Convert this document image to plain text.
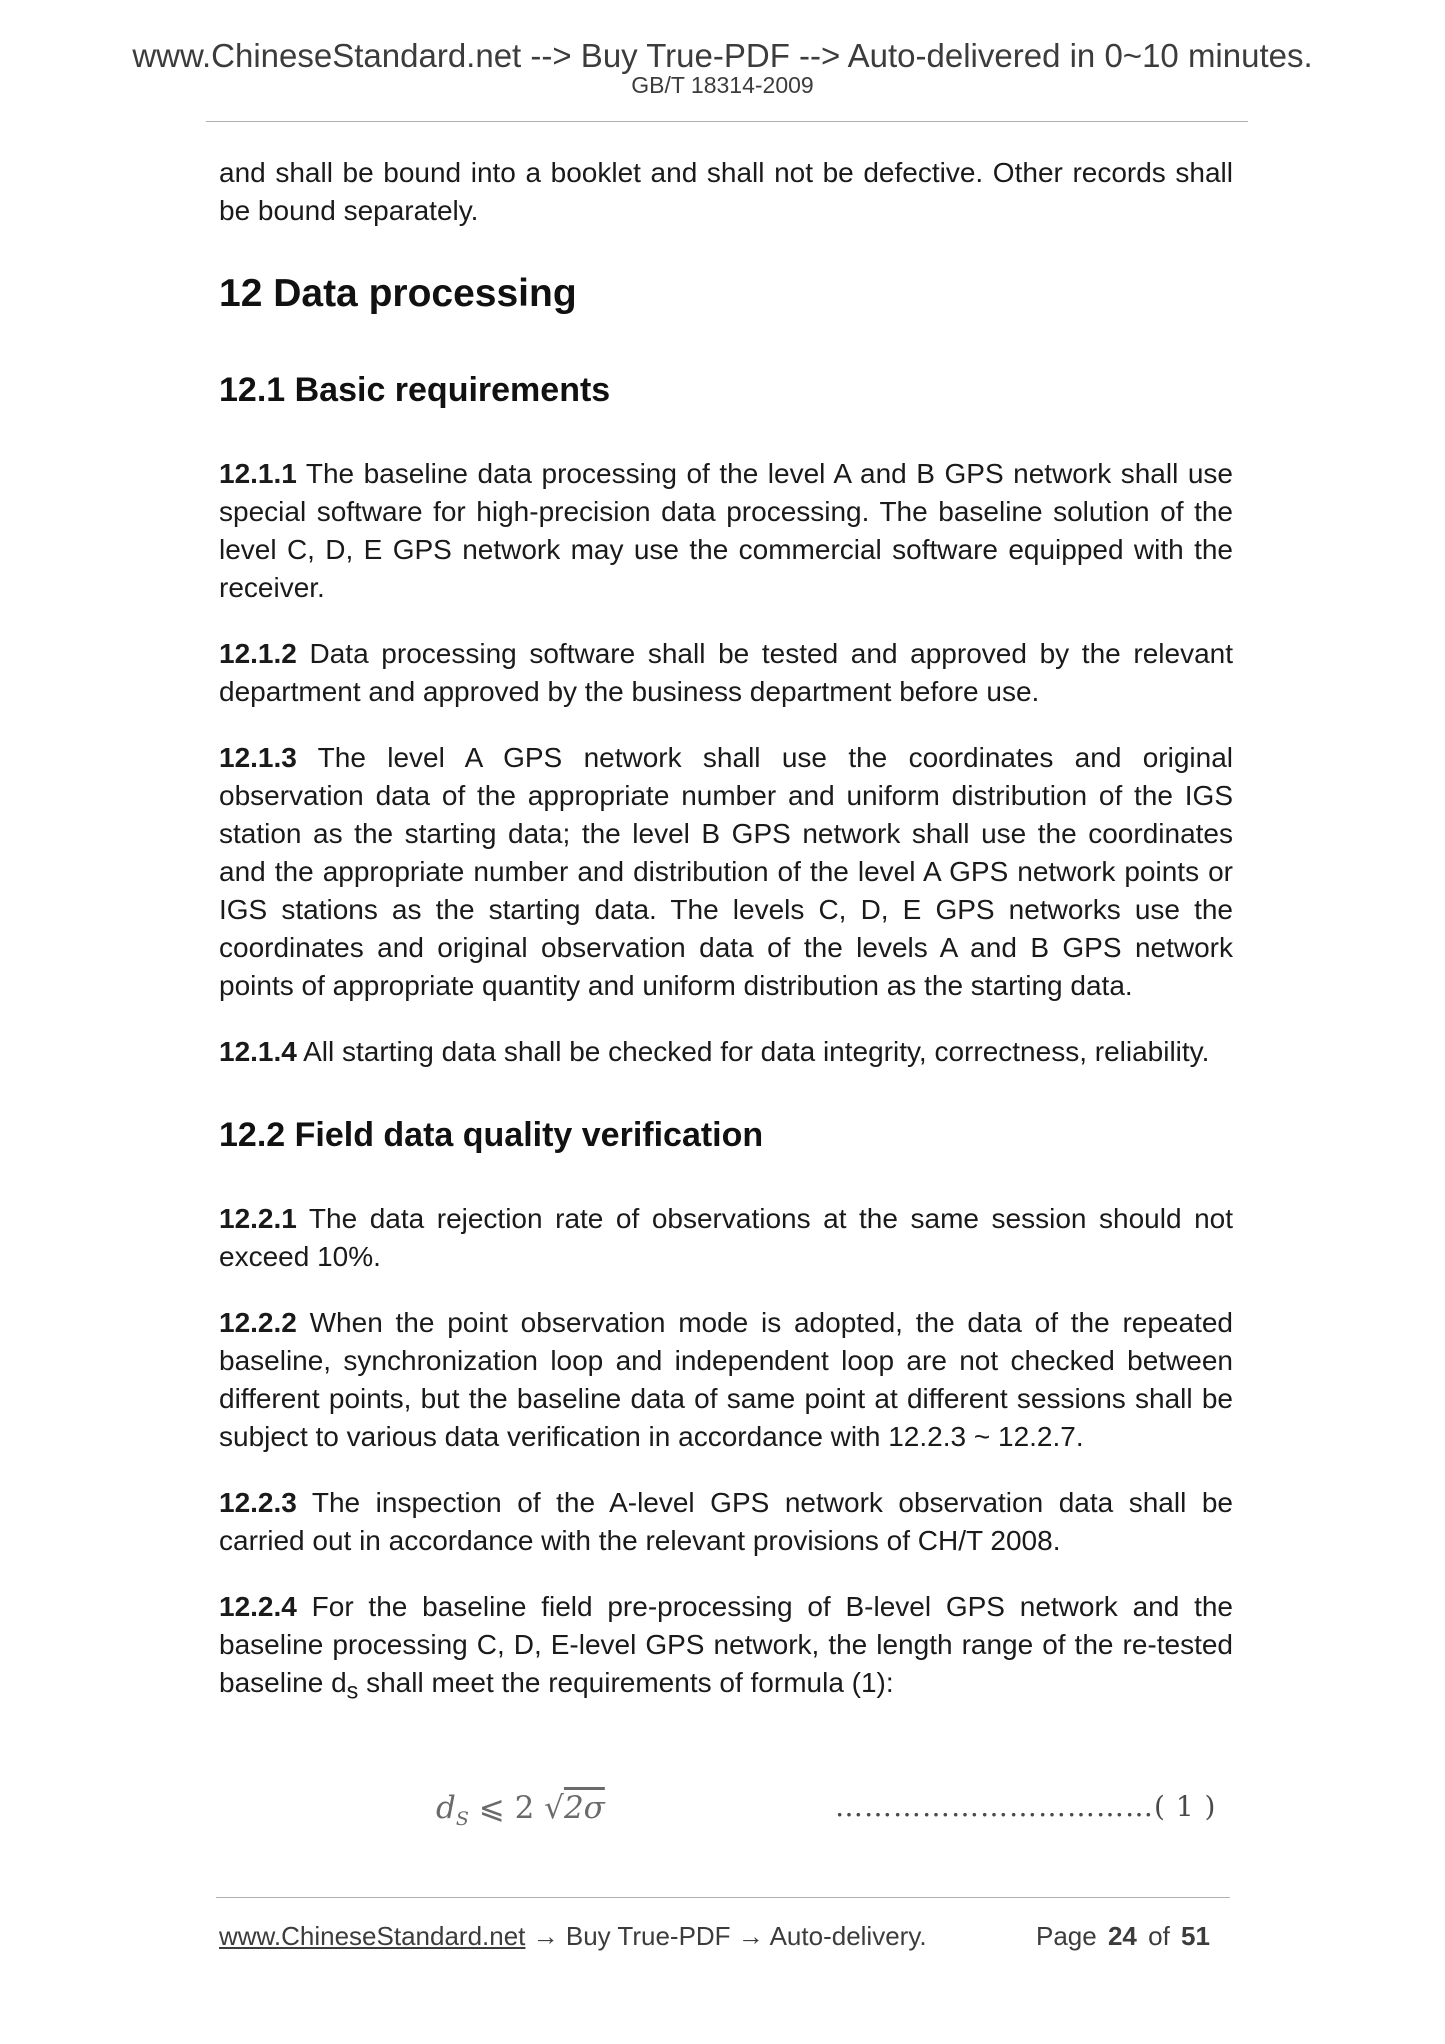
www.ChineseStandard.net --> Buy True-PDF --> Auto-delivered in 0~10 minutes.
GB/T 18314-2009

and shall be bound into a booklet and shall not be defective. Other records shall be bound separately.

12 Data processing
12.1 Basic requirements

12.1.1 The baseline data processing of the level A and B GPS network shall use special software for high-precision data processing. The baseline solution of the level C, D, E GPS network may use the commercial software equipped with the receiver.

12.1.2 Data processing software shall be tested and approved by the relevant department and approved by the business department before use.

12.1.3 The level A GPS network shall use the coordinates and original observation data of the appropriate number and uniform distribution of the IGS station as the starting data; the level B GPS network shall use the coordinates and the appropriate number and distribution of the level A GPS network points or IGS stations as the starting data. The levels C, D, E GPS networks use the coordinates and original observation data of the levels A and B GPS network points of appropriate quantity and uniform distribution as the starting data.

12.1.4 All starting data shall be checked for data integrity, correctness, reliability.

12.2 Field data quality verification

12.2.1 The data rejection rate of observations at the same session should not exceed 10%.

12.2.2 When the point observation mode is adopted, the data of the repeated baseline, synchronization loop and independent loop are not checked between different points, but the baseline data of same point at different sessions shall be subject to various data verification in accordance with 12.2.3 ~ 12.2.7.

12.2.3 The inspection of the A-level GPS network observation data shall be carried out in accordance with the relevant provisions of CH/T 2008.

12.2.4 For the baseline field pre-processing of B-level GPS network and the baseline processing C, D, E-level GPS network, the length range of the re-tested baseline $d_s$ shall meet the requirements of formula (1):

$d_S$ ⩽ 2 √2σ	……………………………( 1 )
www.ChineseStandard.net → Buy True-PDF → Auto-delivery.	Page 24 of 51
